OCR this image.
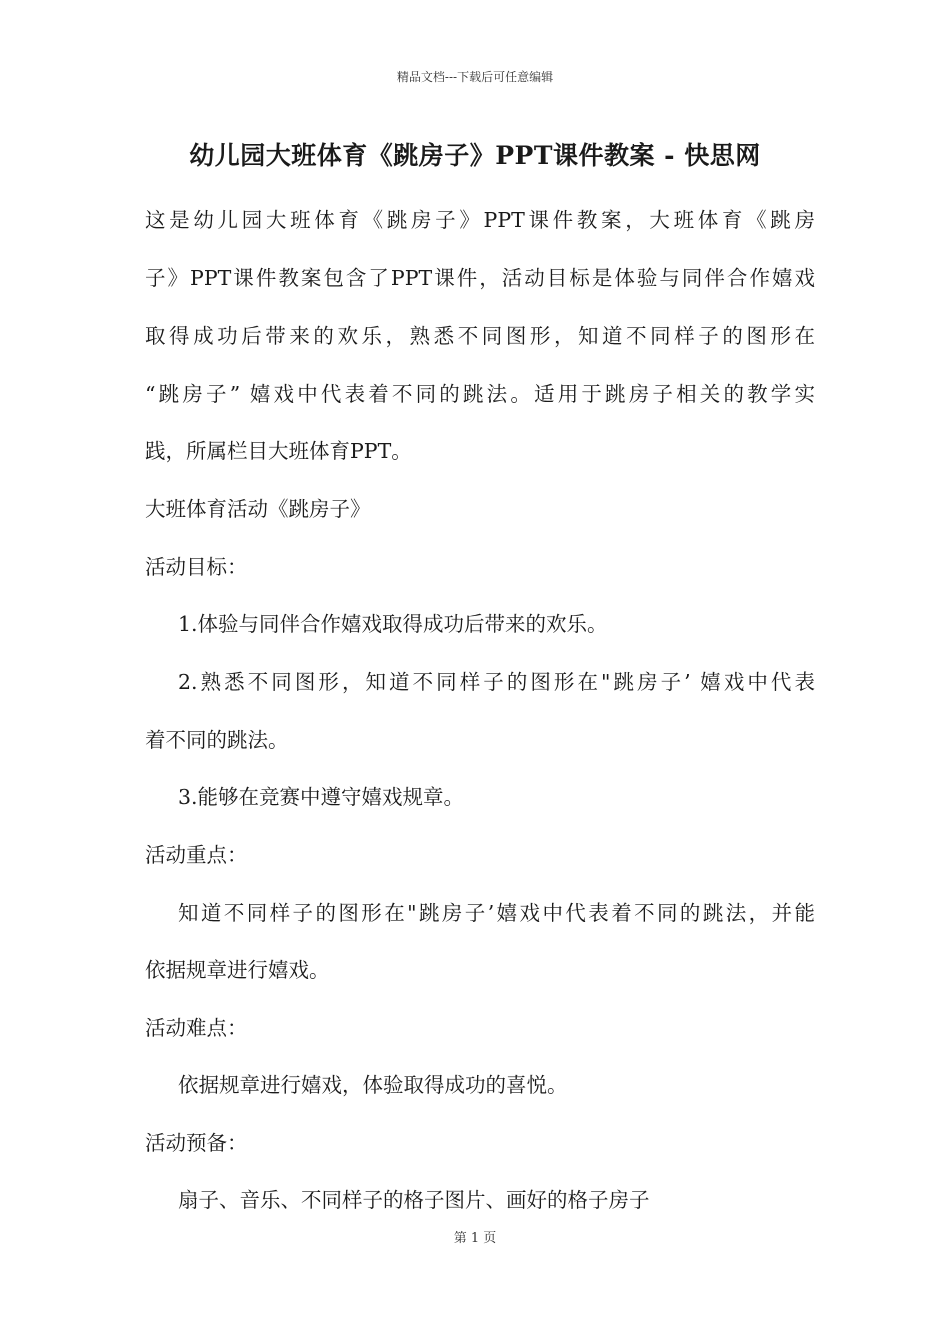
精品文档---下载后可任意编辑
幼儿园大班体育《跳房子》PPT课件教案 - 快思网
这是幼儿园大班体育《跳房子》PPT课件教案，大班体育《跳房
子》PPT课件教案包含了PPT课件，活动目标是体验与同伴合作嬉戏
取得成功后带来的欢乐，熟悉不同图形，知道不同样子的图形在
“跳房子” 嬉戏中代表着不同的跳法。适用于跳房子相关的教学实
践，所属栏目大班体育PPT。
大班体育活动《跳房子》
活动目标：
1.体验与同伴合作嬉戏取得成功后带来的欢乐。
2.熟悉不同图形，知道不同样子的图形在"跳房子’ 嬉戏中代表
着不同的跳法。
3.能够在竞赛中遵守嬉戏规章。
活动重点：
知道不同样子的图形在"跳房子’嬉戏中代表着不同的跳法，并能
依据规章进行嬉戏。
活动难点：
依据规章进行嬉戏，体验取得成功的喜悦。
活动预备：
扇子、音乐、不同样子的格子图片、画好的格子房子
第 1 页
